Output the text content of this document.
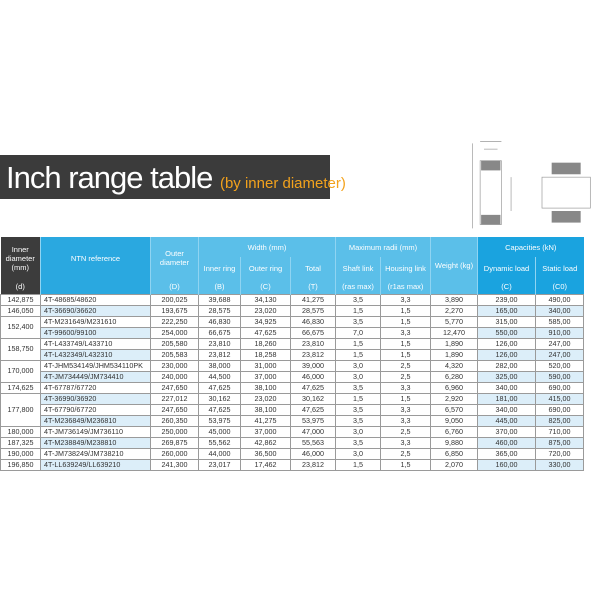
Inch range table (by inner diameter)
Inner diameter (mm)	NTN reference	Outer diameter	Width (mm)			Maximum radii (mm)		Weight (kg)	Capacities (kN)	
			Inner ring	Outer ring	Total	Shaft link	Housing link		Dynamic load	Static load
(d)		(D)	(B)	(C)	(T)	(ras max)	(r1as max)		(C)	(C0)
142,875	4T-48685/48620	200,025	39,688	34,130	41,275	3,5	3,3	3,890	239,00	490,00
146,050	4T-36690/36620	193,675	28,575	23,020	28,575	1,5	1,5	2,270	165,00	340,00
152,400	4T-M231649/M231610	222,250	46,830	34,925	46,830	3,5	1,5	5,770	315,00	585,00
	4T-99600/99100	254,000	66,675	47,625	66,675	7,0	3,3	12,470	550,00	910,00
158,750	4T-L433749/L433710	205,580	23,810	18,260	23,810	1,5	1,5	1,890	126,00	247,00
	4T-L432349/L432310	205,583	23,812	18,258	23,812	1,5	1,5	1,890	126,00	247,00
170,000	4T-JHM534149/JHM534110PK	230,000	38,000	31,000	39,000	3,0	2,5	4,320	282,00	520,00
	4T-JM734449/JM734410	240,000	44,500	37,000	46,000	3,0	2,5	6,280	325,00	590,00
174,625	4T-67787/67720	247,650	47,625	38,100	47,625	3,5	3,3	6,960	340,00	690,00
177,800	4T-36990/36920	227,012	30,162	23,020	30,162	1,5	1,5	2,920	181,00	415,00
	4T-67790/67720	247,650	47,625	38,100	47,625	3,5	3,3	6,570	340,00	690,00
	4T-M236849/M236810	260,350	53,975	41,275	53,975	3,5	3,3	9,050	445,00	825,00
180,000	4T-JM736149/JM736110	250,000	45,000	37,000	47,000	3,0	2,5	6,760	370,00	710,00
187,325	4T-M238849/M238810	269,875	55,562	42,862	55,563	3,5	3,3	9,880	460,00	875,00
190,000	4T-JM738249/JM738210	260,000	44,000	36,500	46,000	3,0	2,5	6,850	365,00	720,00
196,850	4T-LL639249/LL639210	241,300	23,017	17,462	23,812	1,5	1,5	2,070	160,00	330,00
